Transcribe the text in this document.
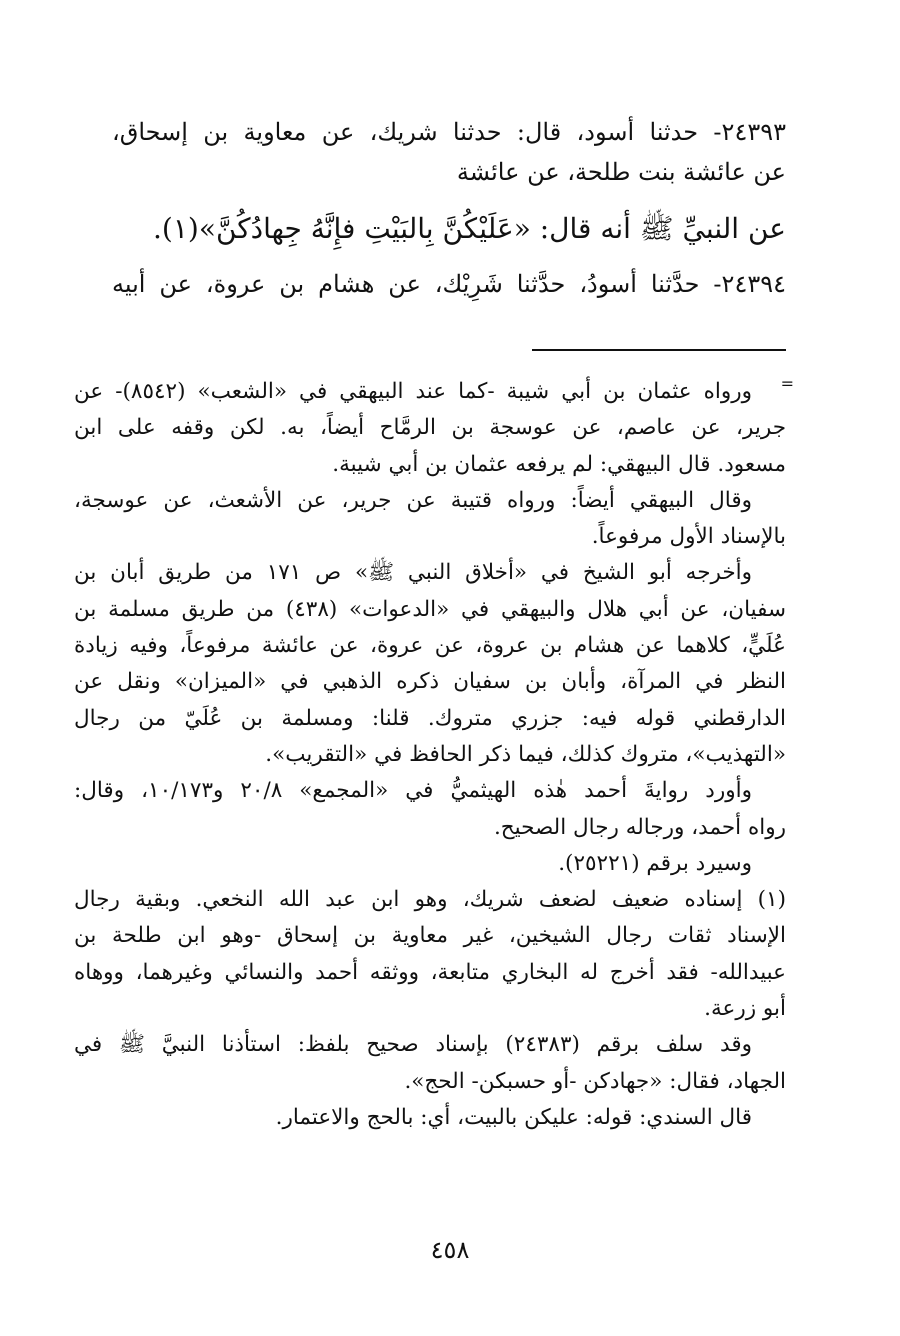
٢٤٣٩٣- حدثنا أسود، قال: حدثنا شريك، عن معاوية بن إسحاق،
عن عائشة بنت طلحة، عن عائشة
عن النبيِّ ﷺ أنه قال: «عَلَيْكُنَّ بِالبَيْتِ فإِنَّهُ جِهادُكُنَّ»(١).
٢٤٣٩٤- حدَّثنا أسودُ، حدَّثنا شَرِيْك، عن هشام بن عروة، عن أبيه
=
ورواه عثمان بن أبي شيبة -كما عند البيهقي في «الشعب» (٨٥٤٢)- عن
جرير، عن عاصم، عن عوسجة بن الرمَّاح أيضاً، به. لكن وقفه على ابن
مسعود. قال البيهقي: لم يرفعه عثمان بن أبي شيبة.
وقال البيهقي أيضاً: ورواه قتيبة عن جرير، عن الأشعث، عن عوسجة،
بالإسناد الأول مرفوعاً.
وأخرجه أبو الشيخ في «أخلاق النبي ﷺ» ص ١٧١ من طريق أبان بن
سفيان، عن أبي هلال والبيهقي في «الدعوات» (٤٣٨) من طريق مسلمة بن
عُلَيٍّ، كلاهما عن هشام بن عروة، عن عروة، عن عائشة مرفوعاً، وفيه زيادة
النظر في المرآة، وأبان بن سفيان ذكره الذهبي في «الميزان» ونقل عن
الدارقطني قوله فيه: جزري متروك. قلنا: ومسلمة بن عُلَيّ من رجال
«التهذيب»، متروك كذلك، فيما ذكر الحافظ في «التقريب».
وأورد روايةَ أحمد هٰذه الهيثميُّ في «المجمع» ٢٠/٨ و١٠/١٧٣، وقال:
رواه أحمد، ورجاله رجال الصحيح.
وسيرد برقم (٢٥٢٢١).
(١) إسناده ضعيف لضعف شريك، وهو ابن عبد الله النخعي. وبقية رجال
الإسناد ثقات رجال الشيخين، غير معاوية بن إسحاق -وهو ابن طلحة بن
عبيدالله- فقد أخرج له البخاري متابعة، ووثقه أحمد والنسائي وغيرهما، ووهاه
أبو زرعة.
وقد سلف برقم (٢٤٣٨٣) بإسناد صحيح بلفظ: استأذنا النبيَّ ﷺ في
الجهاد، فقال: «جهادكن -أو حسبكن- الحج».
قال السندي: قوله: عليكن بالبيت، أي: بالحج والاعتمار.
٤٥٨
